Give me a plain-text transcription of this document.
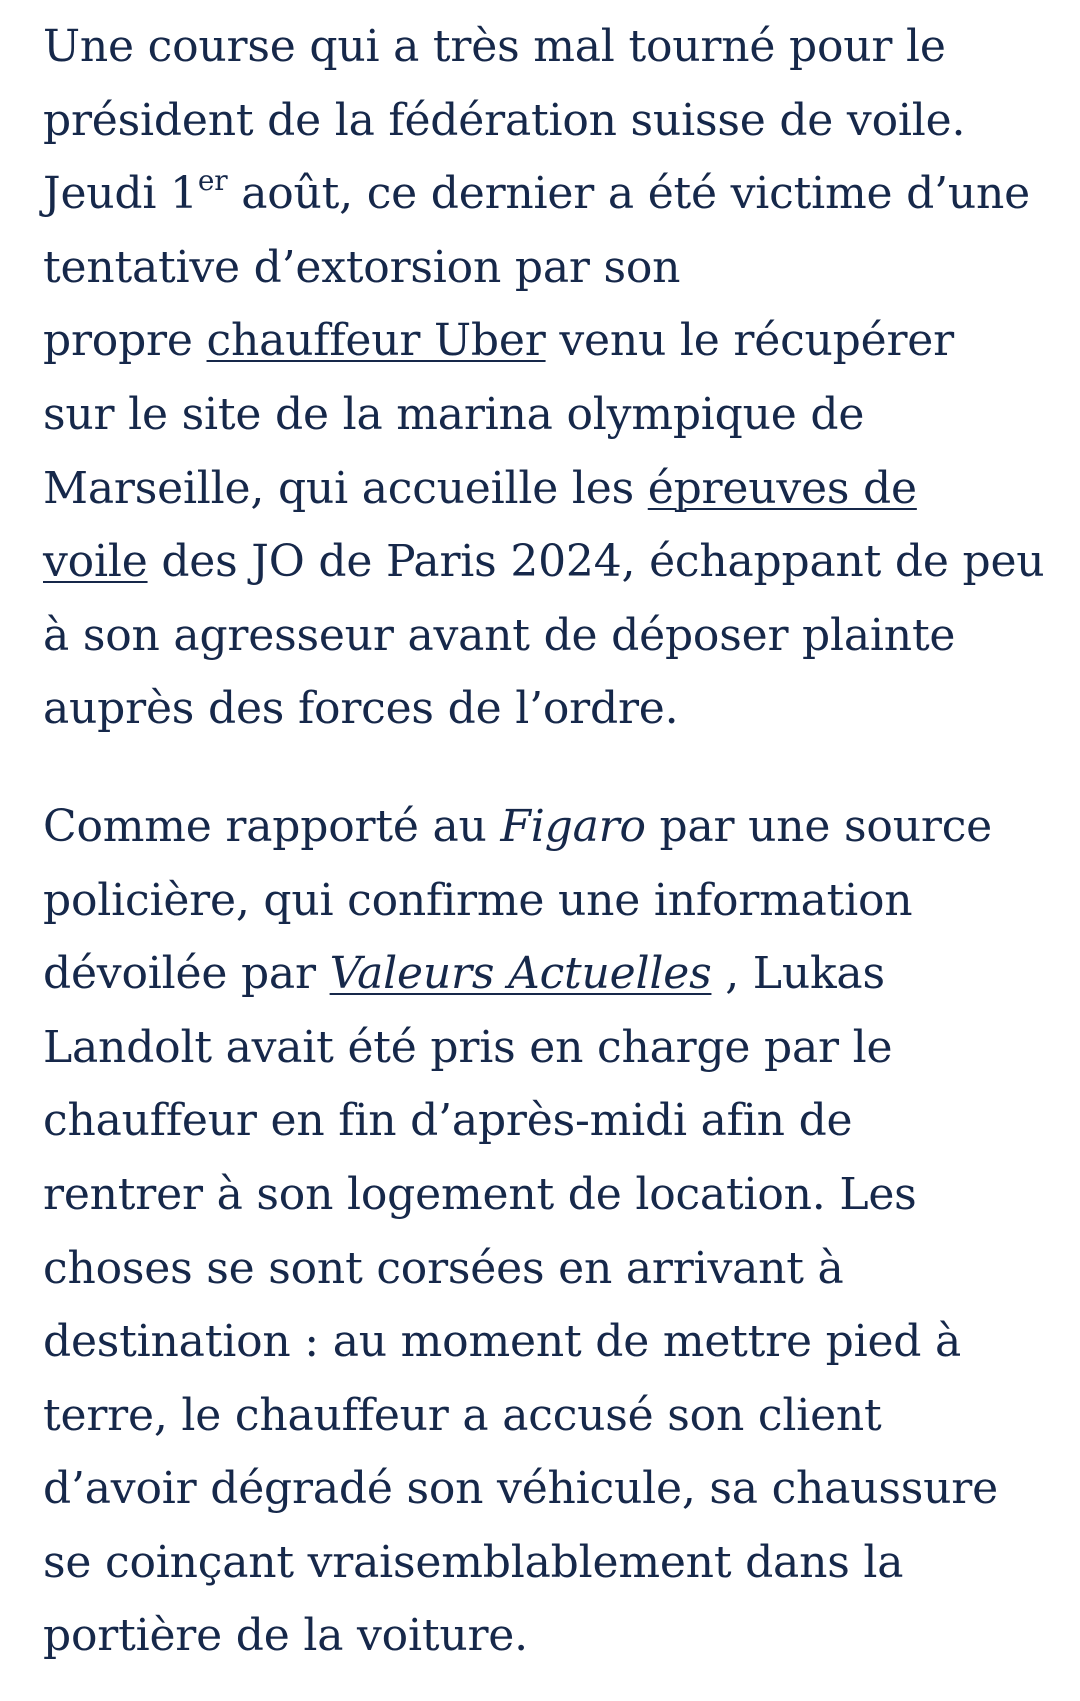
Une course qui a très mal tourné pour le
président de la fédération suisse de voile.
Jeudi 1er août, ce dernier a été victime d’une
tentative d’extorsion par son
propre chauffeur Uber venu le récupérer
sur le site de la marina olympique de
Marseille, qui accueille les épreuves de
voile des JO de Paris 2024, échappant de peu
à son agresseur avant de déposer plainte
auprès des forces de l’ordre.

Comme rapporté au Figaro par une source
policière, qui confirme une information
dévoilée par Valeurs Actuelles , Lukas
Landolt avait été pris en charge par le
chauffeur en fin d’après-midi afin de
rentrer à son logement de location. Les
choses se sont corsées en arrivant à
destination : au moment de mettre pied à
terre, le chauffeur a accusé son client
d’avoir dégradé son véhicule, sa chaussure
se coinçant vraisemblablement dans la
portière de la voiture.
